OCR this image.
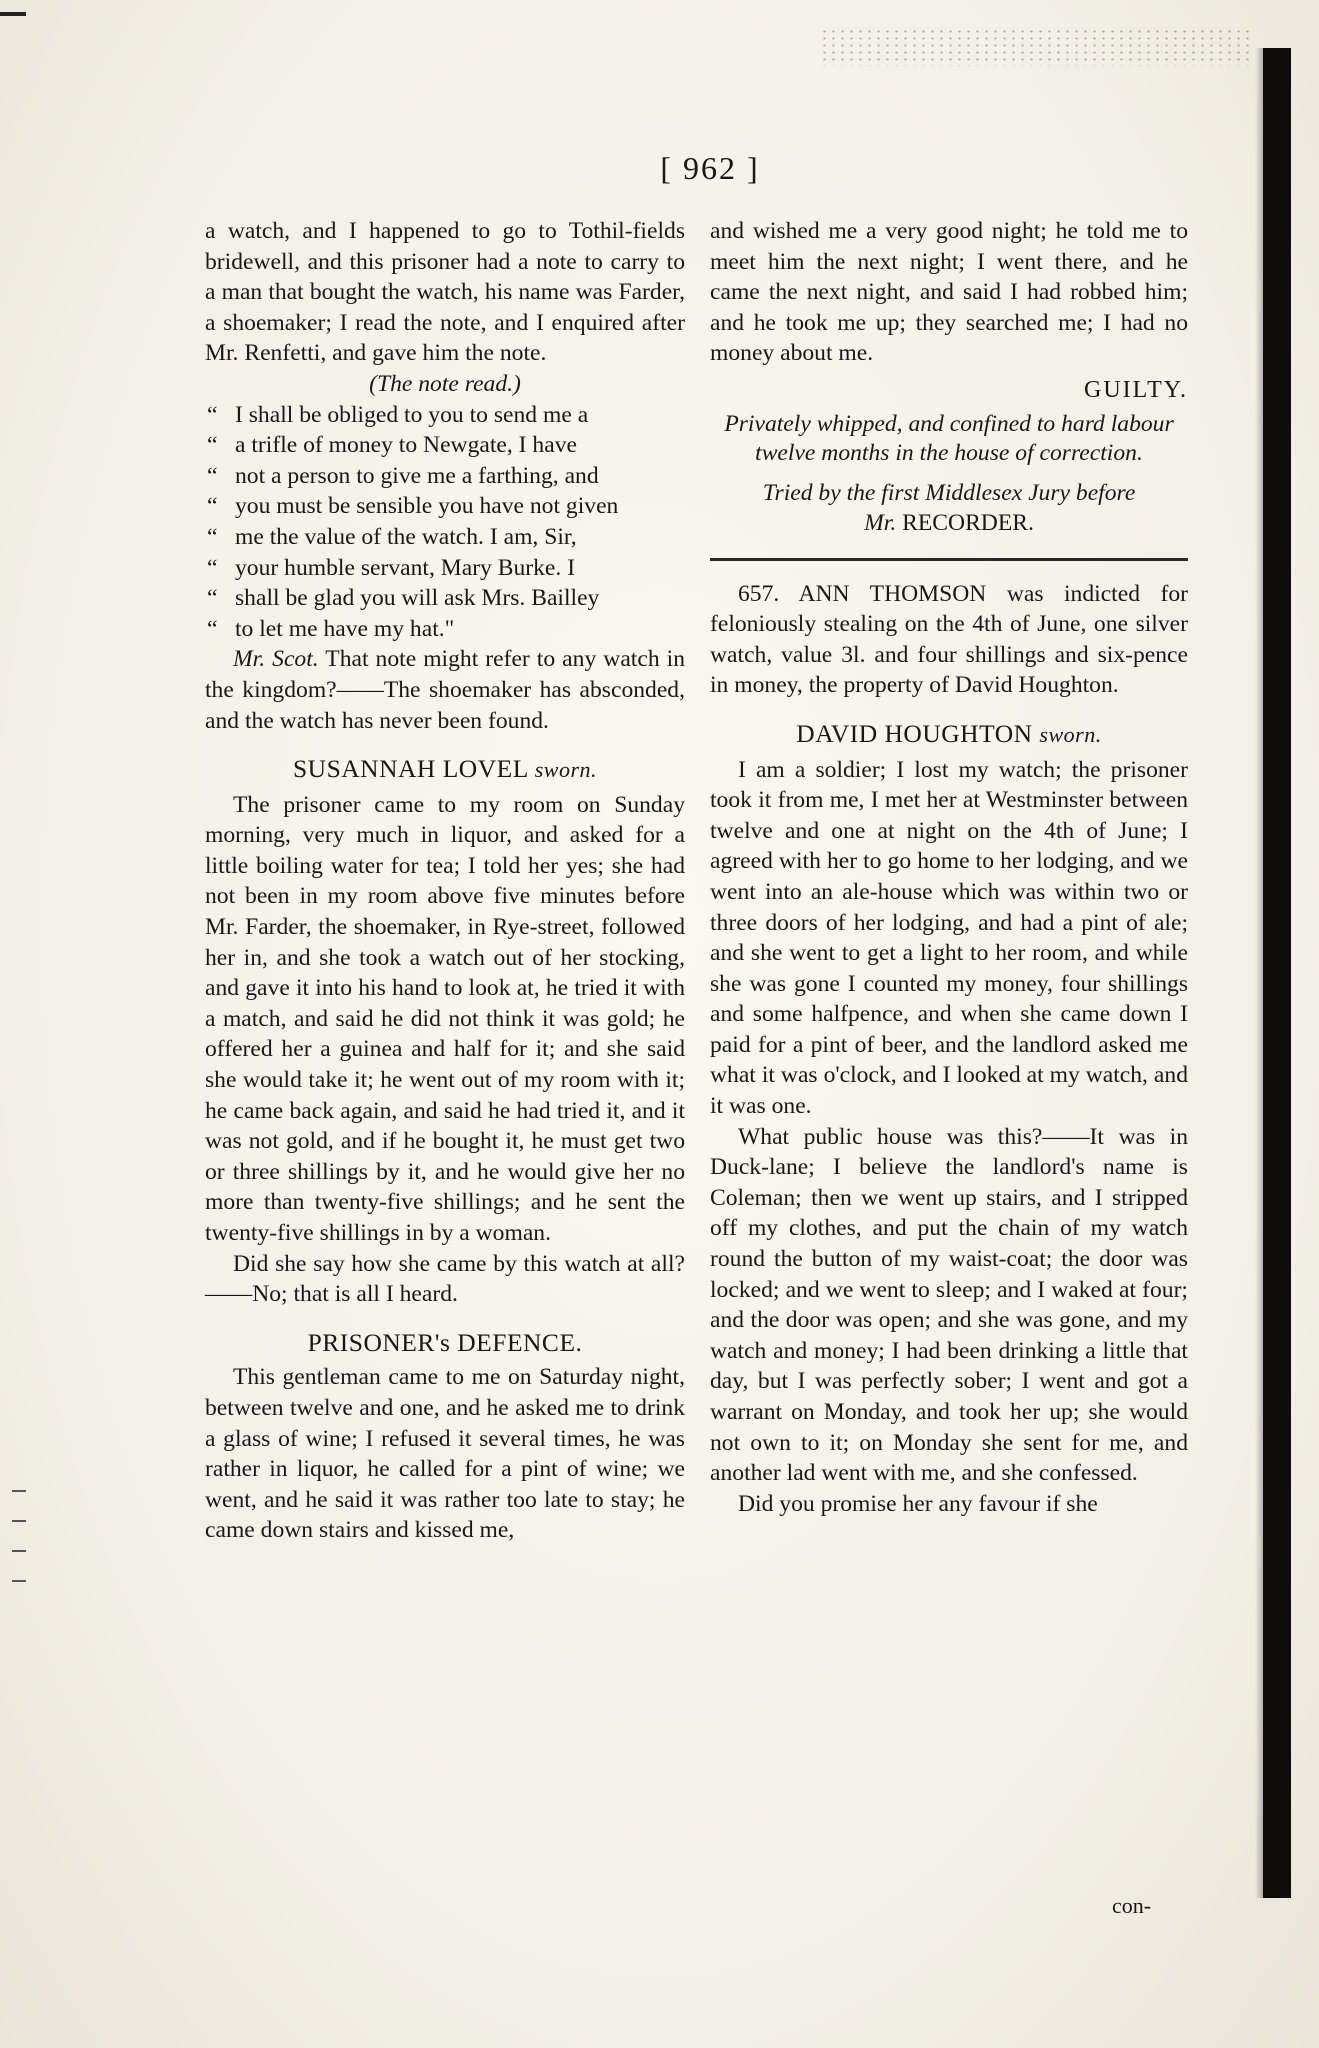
[ 962 ]

a watch, and I happened to go to Tothil-fields bridewell, and this prisoner had a note to carry to a man that bought the watch, his name was Farder, a shoemaker; I read the note, and I enquired after Mr. Renfetti, and gave him the note.

(The note read.)

“ I shall be obliged to you to send me a
“ a trifle of money to Newgate, I have
“ not a person to give me a farthing, and
“ you must be sensible you have not given
“ me the value of the watch. I am, Sir,
“ your humble servant, Mary Burke. I
“ shall be glad you will ask Mrs. Bailley
“ to let me have my hat."

Mr. Scot. That note might refer to any watch in the kingdom?——The shoemaker has absconded, and the watch has never been found.

SUSANNAH LOVEL sworn.

The prisoner came to my room on Sunday morning, very much in liquor, and asked for a little boiling water for tea; I told her yes; she had not been in my room above five minutes before Mr. Farder, the shoemaker, in Rye-street, followed her in, and she took a watch out of her stocking, and gave it into his hand to look at, he tried it with a match, and said he did not think it was gold; he offered her a guinea and half for it; and she said she would take it; he went out of my room with it; he came back again, and said he had tried it, and it was not gold, and if he bought it, he must get two or three shillings by it, and he would give her no more than twenty-five shillings; and he sent the twenty-five shillings in by a woman.

Did she say how she came by this watch at all?——No; that is all I heard.

PRISONER's DEFENCE.

This gentleman came to me on Saturday night, between twelve and one, and he asked me to drink a glass of wine; I refused it several times, he was rather in liquor, he called for a pint of wine; we went, and he said it was rather too late to stay; he came down stairs and kissed me,

and wished me a very good night; he told me to meet him the next night; I went there, and he came the next night, and said I had robbed him; and he took me up; they searched me; I had no money about me.

GUILTY.
Privately whipped, and confined to hard labour twelve months in the house of correction.
Tried by the first Middlesex Jury before
Mr. RECORDER.

657. ANN THOMSON was indicted for feloniously stealing on the 4th of June, one silver watch, value 3l. and four shillings and six-pence in money, the property of David Houghton.

DAVID HOUGHTON sworn.

I am a soldier; I lost my watch; the prisoner took it from me, I met her at Westminster between twelve and one at night on the 4th of June; I agreed with her to go home to her lodging, and we went into an ale-house which was within two or three doors of her lodging, and had a pint of ale; and she went to get a light to her room, and while she was gone I counted my money, four shillings and some halfpence, and when she came down I paid for a pint of beer, and the landlord asked me what it was o'clock, and I looked at my watch, and it was one.

What public house was this?——It was in Duck-lane; I believe the landlord's name is Coleman; then we went up stairs, and I stripped off my clothes, and put the chain of my watch round the button of my waist-coat; the door was locked; and we went to sleep; and I waked at four; and the door was open; and she was gone, and my watch and money; I had been drinking a little that day, but I was perfectly sober; I went and got a warrant on Monday, and took her up; she would not own to it; on Monday she sent for me, and another lad went with me, and she confessed.

Did you promise her any favour if she

con-
